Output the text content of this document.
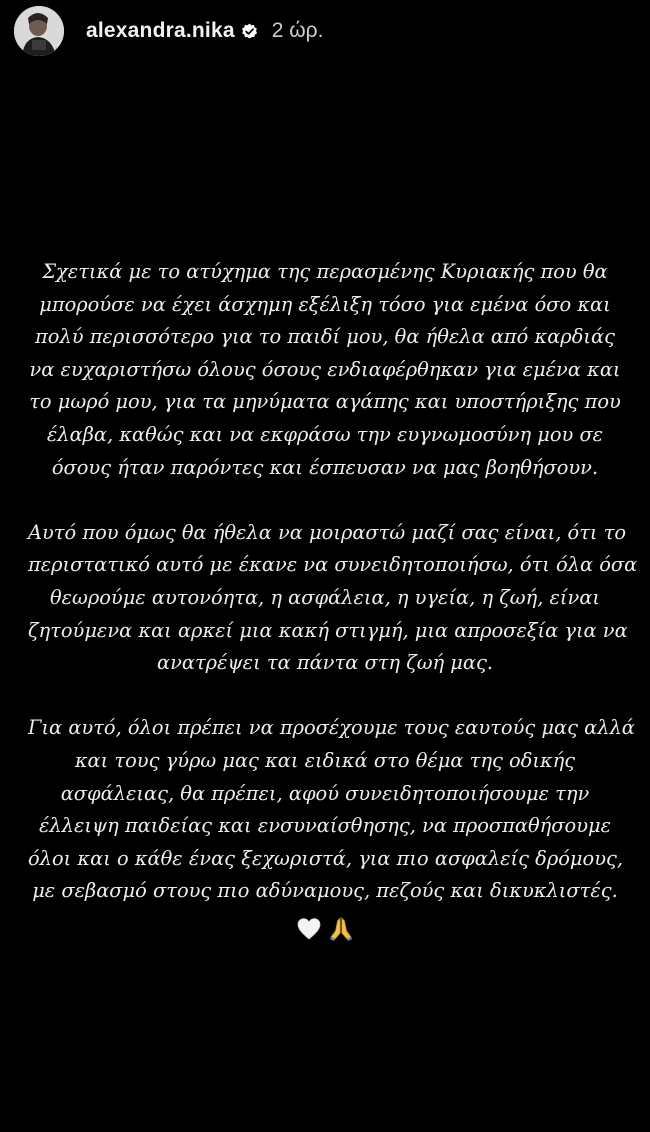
alexandra.nika 2 ώρ.

Σχετικά με το ατύχημα της περασμένης Κυριακής που θα
μπορούσε να έχει άσχημη εξέλιξη τόσο για εμένα όσο και
πολύ περισσότερο για το παιδί μου, θα ήθελα από καρδιάς
να ευχαριστήσω όλους όσους ενδιαφέρθηκαν για εμένα και
το μωρό μου, για τα μηνύματα αγάπης και υποστήριξης που
έλαβα, καθώς και να εκφράσω την ευγνωμοσύνη μου σε
όσους ήταν παρόντες και έσπευσαν να μας βοηθήσουν.

Αυτό που όμως θα ήθελα να μοιραστώ μαζί σας είναι, ότι το
περιστατικό αυτό με έκανε να συνειδητοποιήσω, ότι όλα όσα
θεωρούμε αυτονόητα, η ασφάλεια, η υγεία, η ζωή, είναι
ζητούμενα και αρκεί μια κακή στιγμή, μια απροσεξία για να
ανατρέψει τα πάντα στη ζωή μας.

Για αυτό, όλοι πρέπει να προσέχουμε τους εαυτούς μας αλλά
και τους γύρω μας και ειδικά στο θέμα της οδικής
ασφάλειας, θα πρέπει, αφού συνειδητοποιήσουμε την
έλλειψη παιδείας και ενσυναίσθησης, να προσπαθήσουμε
όλοι και ο κάθε ένας ξεχωριστά, για πιο ασφαλείς δρόμους,
με σεβασμό στους πιο αδύναμους, πεζούς και δικυκλιστές.
